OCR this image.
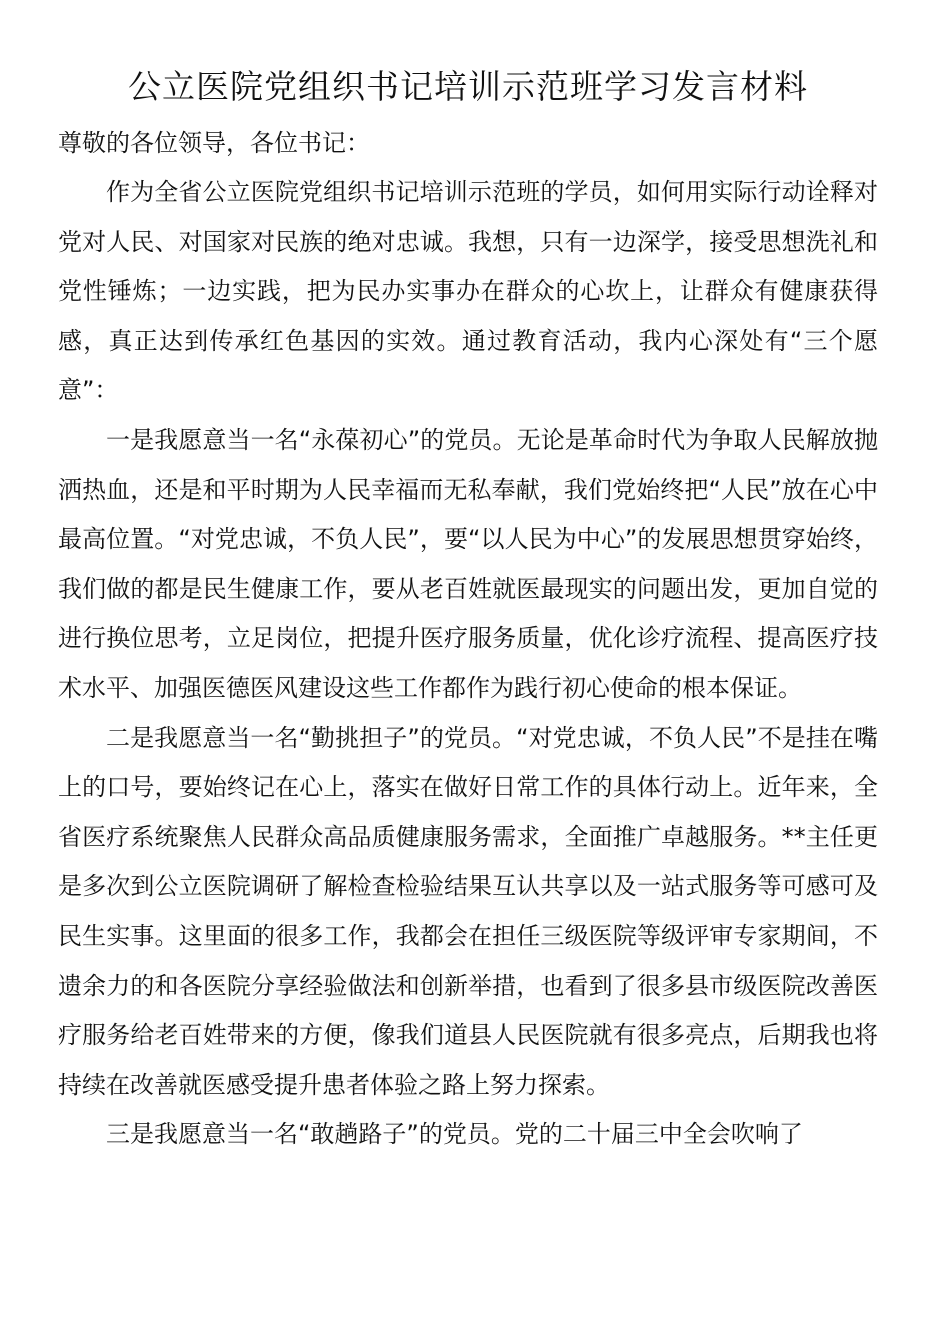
公立医院党组织书记培训示范班学习发言材料

尊敬的各位领导，各位书记：

作为全省公立医院党组织书记培训示范班的学员，如何用实际行动诠释对党对人民、对国家对民族的绝对忠诚。我想，只有一边深学，接受思想洗礼和党性锤炼；一边实践，把为民办实事办在群众的心坎上，让群众有健康获得感，真正达到传承红色基因的实效。通过教育活动，我内心深处有“三个愿意”：

一是我愿意当一名“永葆初心”的党员。无论是革命时代为争取人民解放抛洒热血，还是和平时期为人民幸福而无私奉献，我们党始终把“人民”放在心中最高位置。“对党忠诚，不负人民”，要“以人民为中心”的发展思想贯穿始终，我们做的都是民生健康工作，要从老百姓就医最现实的问题出发，更加自觉的进行换位思考，立足岗位，把提升医疗服务质量，优化诊疗流程、提高医疗技术水平、加强医德医风建设这些工作都作为践行初心使命的根本保证。

二是我愿意当一名“勤挑担子”的党员。“对党忠诚，不负人民”不是挂在嘴上的口号，要始终记在心上，落实在做好日常工作的具体行动上。近年来，全省医疗系统聚焦人民群众高品质健康服务需求，全面推广卓越服务。**主任更是多次到公立医院调研了解检查检验结果互认共享以及一站式服务等可感可及民生实事。这里面的很多工作，我都会在担任三级医院等级评审专家期间，不遗余力的和各医院分享经验做法和创新举措，也看到了很多县市级医院改善医疗服务给老百姓带来的方便，像我们道县人民医院就有很多亮点，后期我也将持续在改善就医感受提升患者体验之路上努力探索。

三是我愿意当一名“敢趟路子”的党员。党的二十届三中全会吹响了
